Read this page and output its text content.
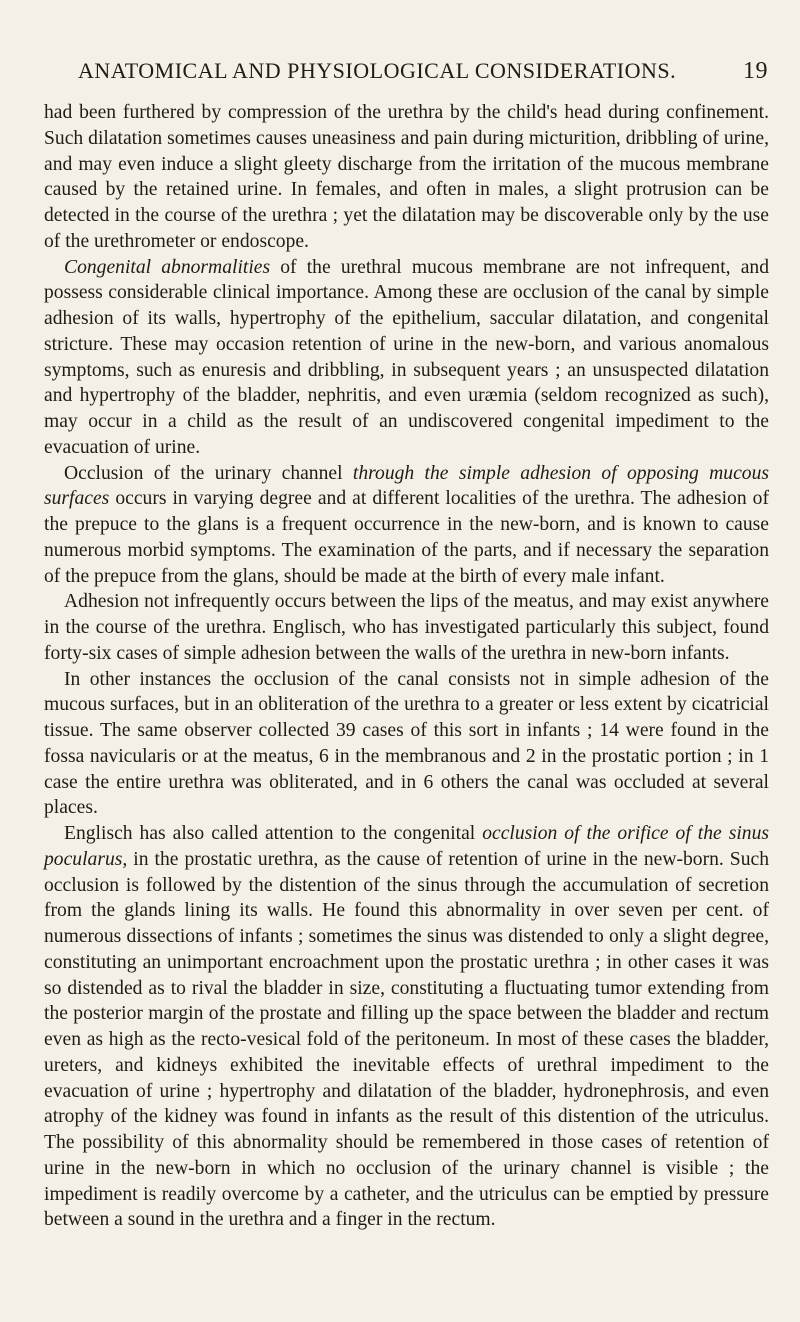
ANATOMICAL AND PHYSIOLOGICAL CONSIDERATIONS.	19

had been furthered by compression of the urethra by the child's head during confinement. Such dilatation sometimes causes uneasiness and pain during micturition, dribbling of urine, and may even induce a slight gleety discharge from the irritation of the mucous membrane caused by the retained urine. In females, and often in males, a slight protrusion can be detected in the course of the urethra ; yet the dilatation may be discoverable only by the use of the urethrometer or endoscope.

Congenital abnormalities of the urethral mucous membrane are not infrequent, and possess considerable clinical importance. Among these are occlusion of the canal by simple adhesion of its walls, hypertrophy of the epithelium, saccular dilatation, and congenital stricture. These may occasion retention of urine in the new-born, and various anomalous symptoms, such as enuresis and dribbling, in subsequent years ; an unsuspected dilatation and hypertrophy of the bladder, nephritis, and even uræmia (seldom recognized as such), may occur in a child as the result of an undiscovered congenital impediment to the evacuation of urine.

Occlusion of the urinary channel through the simple adhesion of opposing mucous surfaces occurs in varying degree and at different localities of the urethra. The adhesion of the prepuce to the glans is a frequent occurrence in the new-born, and is known to cause numerous morbid symptoms. The examination of the parts, and if necessary the separation of the prepuce from the glans, should be made at the birth of every male infant.

Adhesion not infrequently occurs between the lips of the meatus, and may exist anywhere in the course of the urethra. Englisch, who has investigated particularly this subject, found forty-six cases of simple adhesion between the walls of the urethra in new-born infants.

In other instances the occlusion of the canal consists not in simple adhesion of the mucous surfaces, but in an obliteration of the urethra to a greater or less extent by cicatricial tissue. The same observer collected 39 cases of this sort in infants ; 14 were found in the fossa navicularis or at the meatus, 6 in the membranous and 2 in the prostatic portion ; in 1 case the entire urethra was obliterated, and in 6 others the canal was occluded at several places.

Englisch has also called attention to the congenital occlusion of the orifice of the sinus pocularus, in the prostatic urethra, as the cause of retention of urine in the new-born. Such occlusion is followed by the distention of the sinus through the accumulation of secretion from the glands lining its walls. He found this abnormality in over seven per cent. of numerous dissections of infants ; sometimes the sinus was distended to only a slight degree, constituting an unimportant encroachment upon the prostatic urethra ; in other cases it was so distended as to rival the bladder in size, constituting a fluctuating tumor extending from the posterior margin of the prostate and filling up the space between the bladder and rectum even as high as the recto-vesical fold of the peritoneum. In most of these cases the bladder, ureters, and kidneys exhibited the inevitable effects of urethral impediment to the evacuation of urine ; hypertrophy and dilatation of the bladder, hydronephrosis, and even atrophy of the kidney was found in infants as the result of this distention of the utriculus. The possibility of this abnormality should be remembered in those cases of retention of urine in the new-born in which no occlusion of the urinary channel is visible ; the impediment is readily overcome by a catheter, and the utriculus can be emptied by pressure between a sound in the urethra and a finger in the rectum.
